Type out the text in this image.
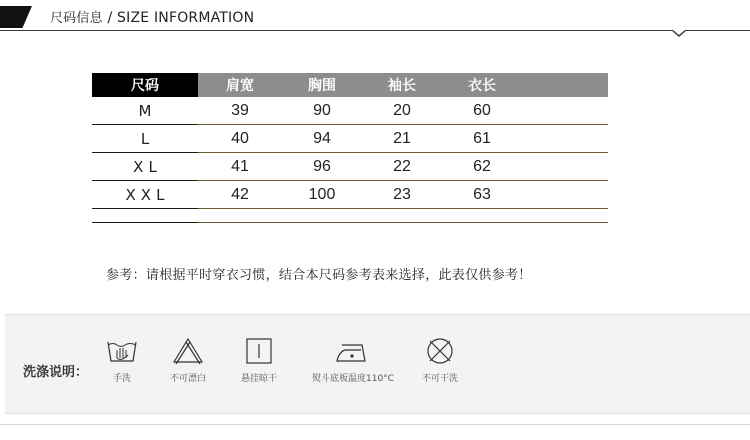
尺码信息 / SIZE INFORMATION
尺码	肩宽	胸围	袖长	衣长
M	39	90	20	60
L	40	94	21	61
XL	41	96	22	62
XXL	42	100	23	63
参考：请根据平时穿衣习惯，结合本尺码参考表来选择，此表仅供参考！
洗涤说明：	手洗	不可漂白	悬挂晾干	熨斗底板温度110°C	不可干洗
